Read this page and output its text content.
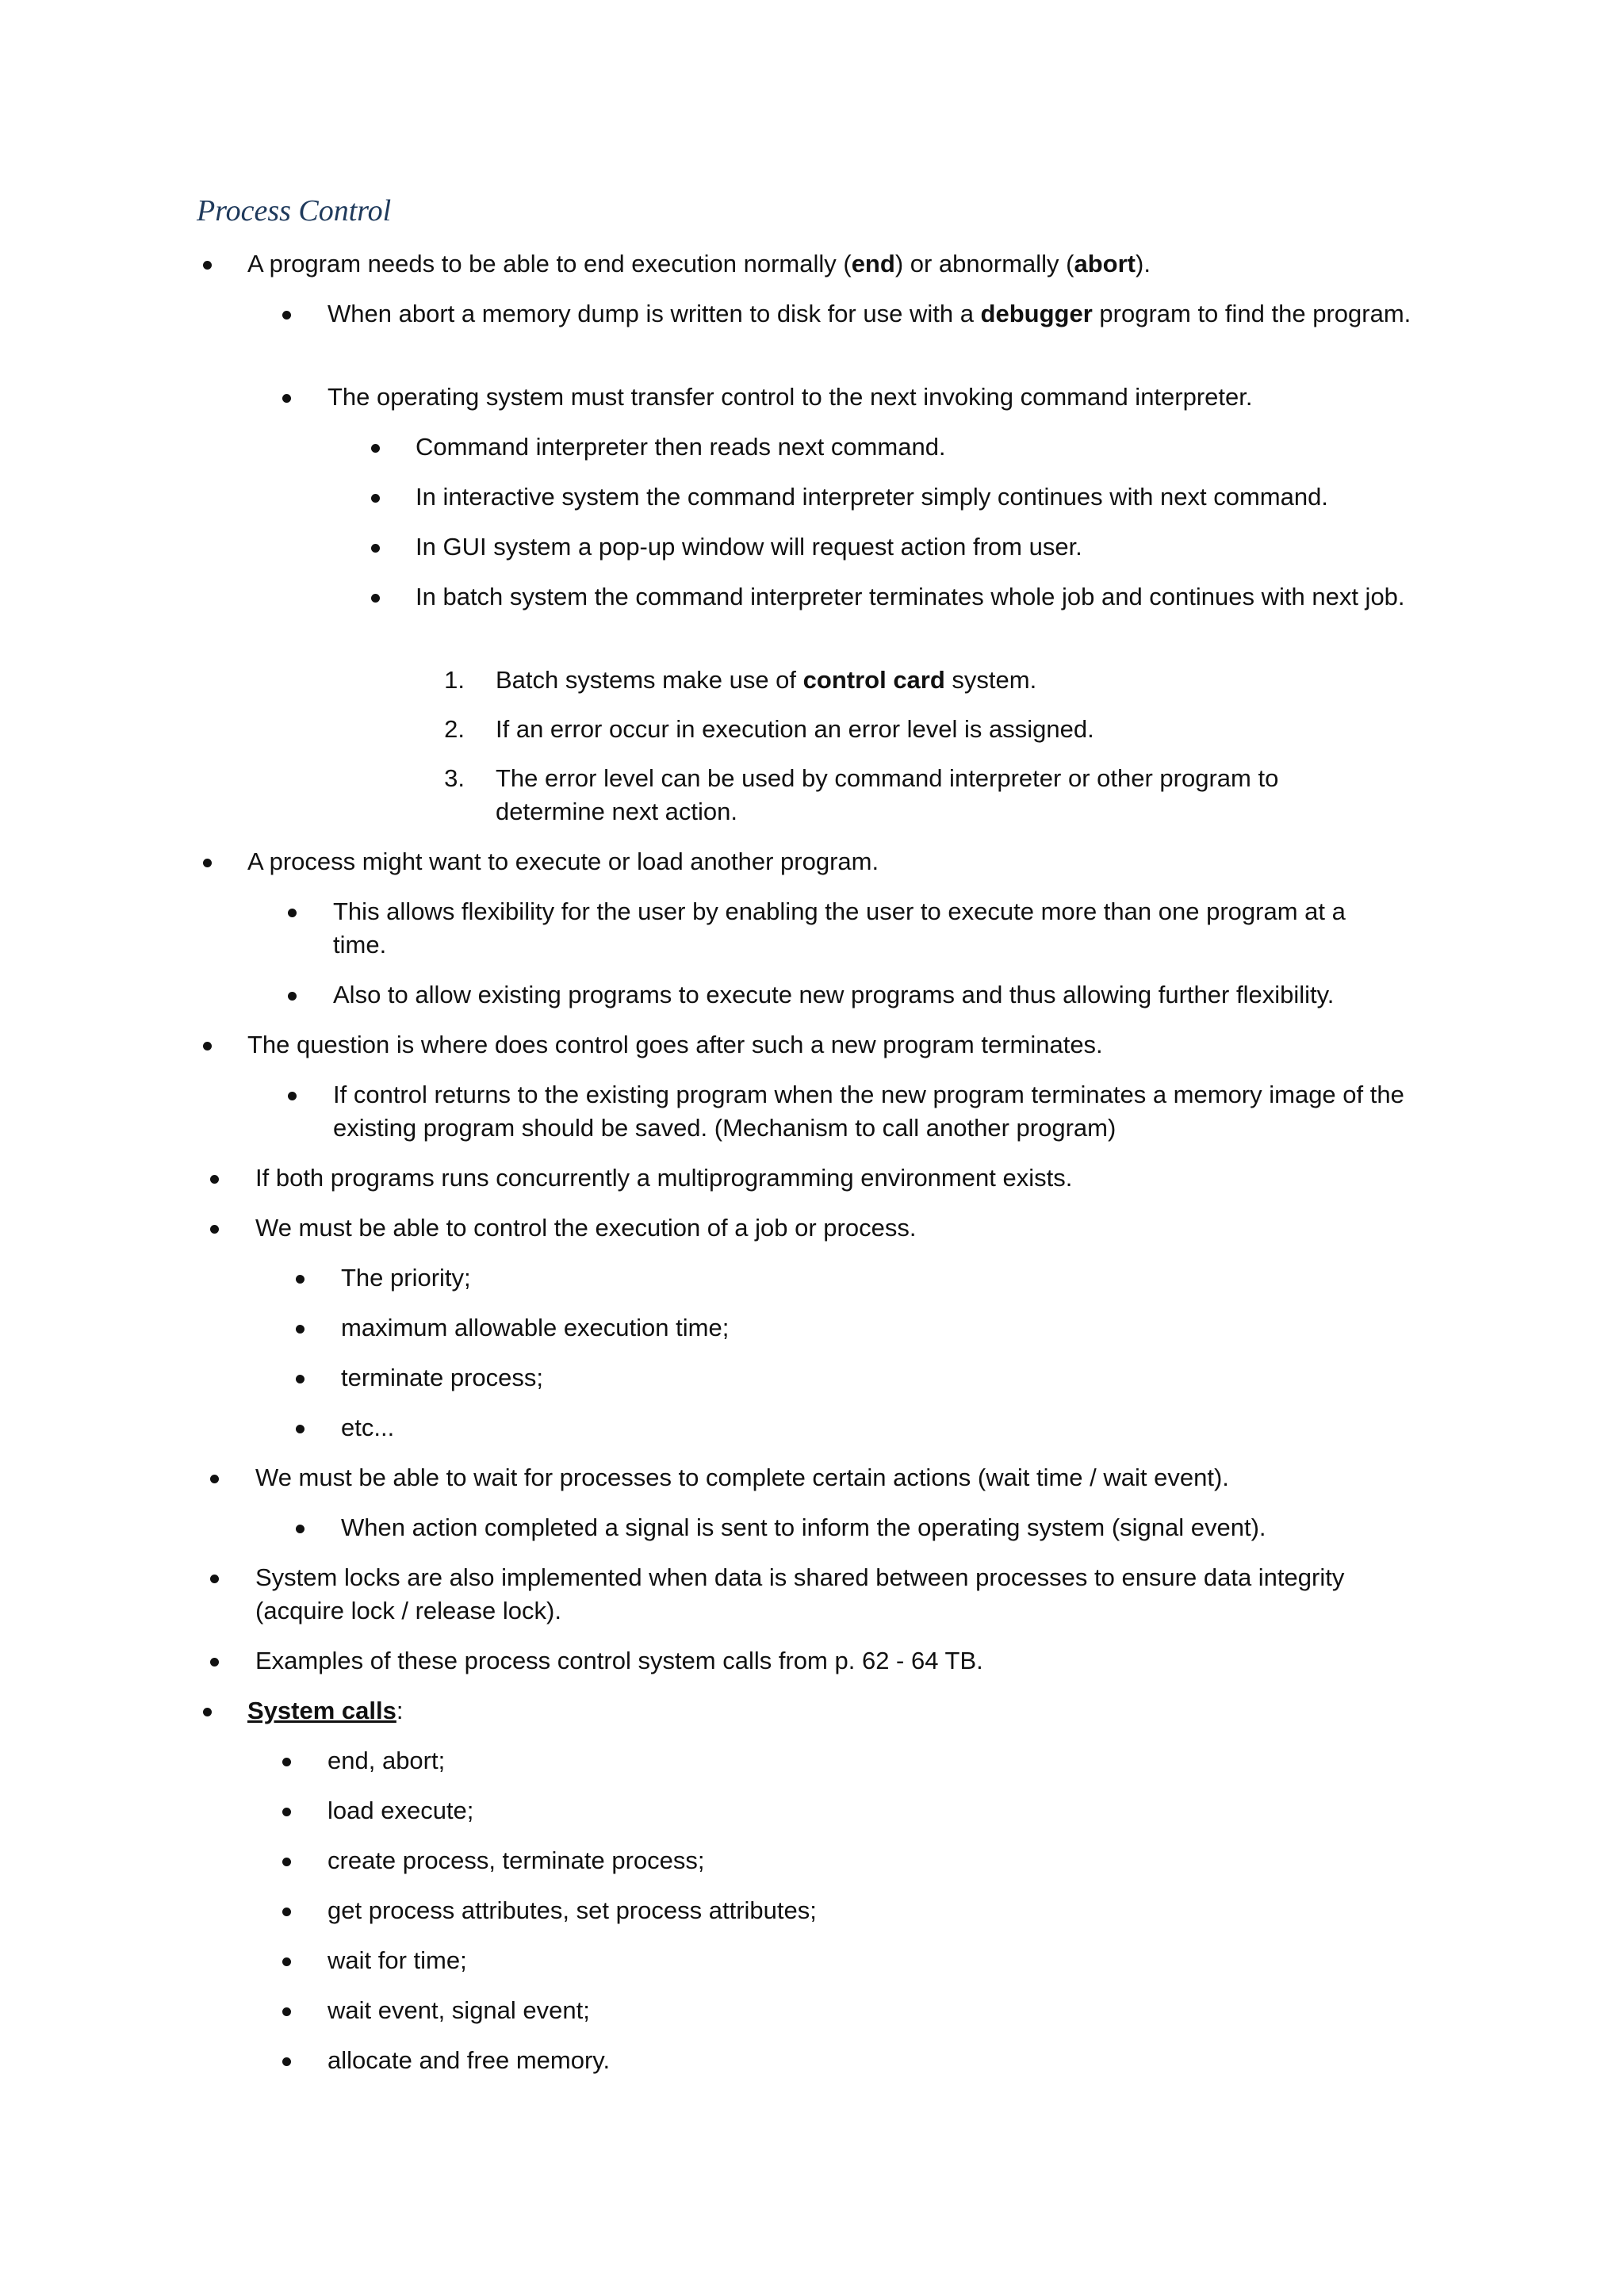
Process Control
A program needs to be able to end execution normally (end) or abnormally (abort).
When abort a memory dump is written to disk for use with a debugger program to find the program.
The operating system must transfer control to the next invoking command interpreter.
Command interpreter then reads next command.
In interactive system the command interpreter simply continues with next command.
In GUI system a pop-up window will request action from user.
In batch system the command interpreter terminates whole job and continues with next job.
1. Batch systems make use of control card system.
2. If an error occur in execution an error level is assigned.
3. The error level can be used by command interpreter or other program to determine next action.
A process might want to execute or load another program.
This allows flexibility for the user by enabling the user to execute more than one program at a time.
Also to allow existing programs to execute new programs and thus allowing further flexibility.
The question is where does control goes after such a new program terminates.
If control returns to the existing program when the new program terminates a memory image of the existing program should be saved. (Mechanism to call another program)
If both programs runs concurrently a multiprogramming environment exists.
We must be able to control the execution of a job or process.
The priority;
maximum allowable execution time;
terminate process;
etc...
We must be able to wait for processes to complete certain actions (wait time / wait event).
When action completed a signal is sent to inform the operating system (signal event).
System locks are also implemented when data is shared between processes to ensure data integrity (acquire lock / release lock).
Examples of these process control system calls from p. 62 - 64 TB.
System calls:
end, abort;
load execute;
create process, terminate process;
get process attributes, set process attributes;
wait for time;
wait event, signal event;
allocate and free memory.
